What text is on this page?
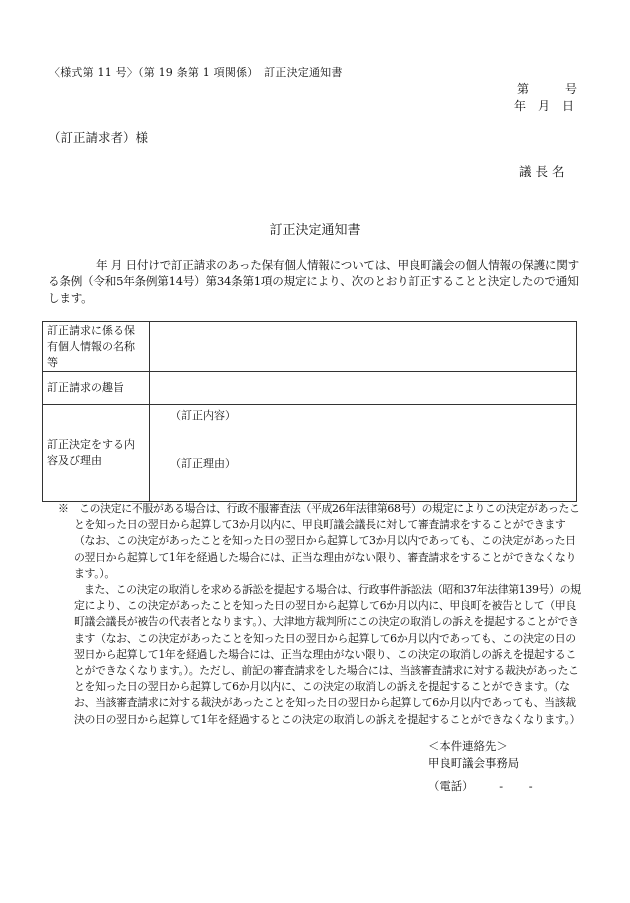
〈様式第 11 号〉（第 19 条第 1 項関係）　訂正決定通知書
第　　　号
年　月　日
（訂正請求者）様
議 長 名
訂正決定通知書
年 月 日付けで訂正請求のあった保有個人情報については、甲良町議会の個人情報の保護に関する条例（令和5年条例第14号）第34条第1項の規定により、次のとおり訂正することと決定したので通知します。
訂正請求に係る保有個人情報の名称等	
訂正請求の趣旨	
訂正決定をする内容及び理由	（訂正内容）
（訂正理由）

※　この決定に不服がある場合は、行政不服審査法（平成26年法律第68号）の規定によりこの決定があったことを知った日の翌日から起算して3か月以内に、甲良町議会議長に対して審査請求をすることができます（なお、この決定があったことを知った日の翌日から起算して3か月以内であっても、この決定があった日の翌日から起算して1年を経過した場合には、正当な理由がない限り、審査請求をすることができなくなります。）。

また、この決定の取消しを求める訴訟を提起する場合は、行政事件訴訟法（昭和37年法律第139号）の規定により、この決定があったことを知った日の翌日から起算して6か月以内に、甲良町を被告として（甲良町議会議長が被告の代表者となります。）、大津地方裁判所にこの決定の取消しの訴えを提起することができます（なお、この決定があったことを知った日の翌日から起算して6か月以内であっても、この決定の日の翌日から起算して1年を経過した場合には、正当な理由がない限り、この決定の取消しの訴えを提起することができなくなります。）。ただし、前記の審査請求をした場合には、当該審査請求に対する裁決があったことを知った日の翌日から起算して6か月以内に、この決定の取消しの訴えを提起することができます。（なお、当該審査請求に対する裁決があったことを知った日の翌日から起算して6か月以内であっても、当該裁決の日の翌日から起算して1年を経過するとこの決定の取消しの訴えを提起することができなくなります。）

＜本件連絡先＞
甲良町議会事務局
（電話） - -
